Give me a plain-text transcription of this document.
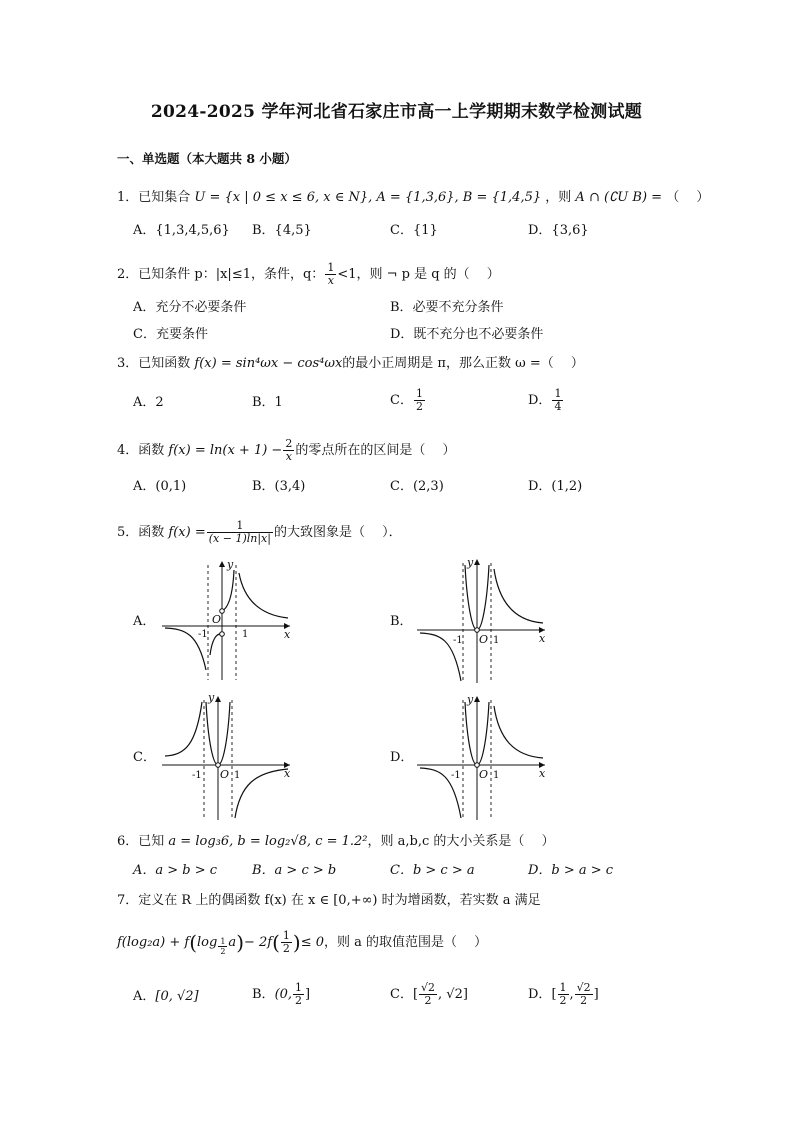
2024-2025 学年河北省石家庄市高一上学期期末数学检测试题
一、单选题（本大题共 8 小题）
1．已知集合 U = {x | 0 ≤ x ≤ 6, x ∈ N}, A = {1,3,6}, B = {1,4,5} ，则 A ∩ (∁U B) = （　 ）
A．{1,3,4,5,6} B．{4,5}	C．{1}	D．{3,6}
2．已知条件 p：|x|≤1，条件，q： $\frac{1}{x} <1$，则 ¬ p 是 q 的（　 ）
A．充分不必要条件	B．必要不充分条件
C．充要条件	D．既不充分也不必要条件
3．已知函数 f(x) = sin⁴ωx − cos⁴ωx的最小正周期是 π，那么正数 ω =（　 ）
A．2	B．1	C． $\frac{1}{2}$	D． $\frac{1}{4}$
4．函数 $f(x) = \ln(x + 1) - \frac{2}{x}$ 的零点所在的区间是（　 ）
A．(0,1)	B．(3,4)	C．(2,3)	D．(1,2)
5．函数 $f(x) = \frac{1}{(x - 1)\ln|x|}$ 的大致图象是（　 ）．
A．	B．
C．	D．
y
x
O
-1	1
y
x
O
-1	1
y
x
O
-1	1
y
x
O
-1	1
6．已知 a = log₃6, b = log₂√8, c = 1.2²，则 a,b,c 的大小关系是（　 ）
A．a > b > c	B．a > c > b	C．b > c > a	D．b > a > c
7．定义在 R 上的偶函数 f(x) 在 x ∈ [0,+∞) 时为增函数，若实数 a 满足
$f(\log_2a) + f(\log \frac{1}{2} a)- 2f( \frac{1}{2}$ )≤ 0，则 a 的取值范围是（　 ）
A．[0, √2]	B．(0, $\frac{1}{2}$ ]	C．[ $\frac{√2}{2}$ , √2]	D．[ $\frac{1}{2}$ , $\frac{√2}{2}$ ]
